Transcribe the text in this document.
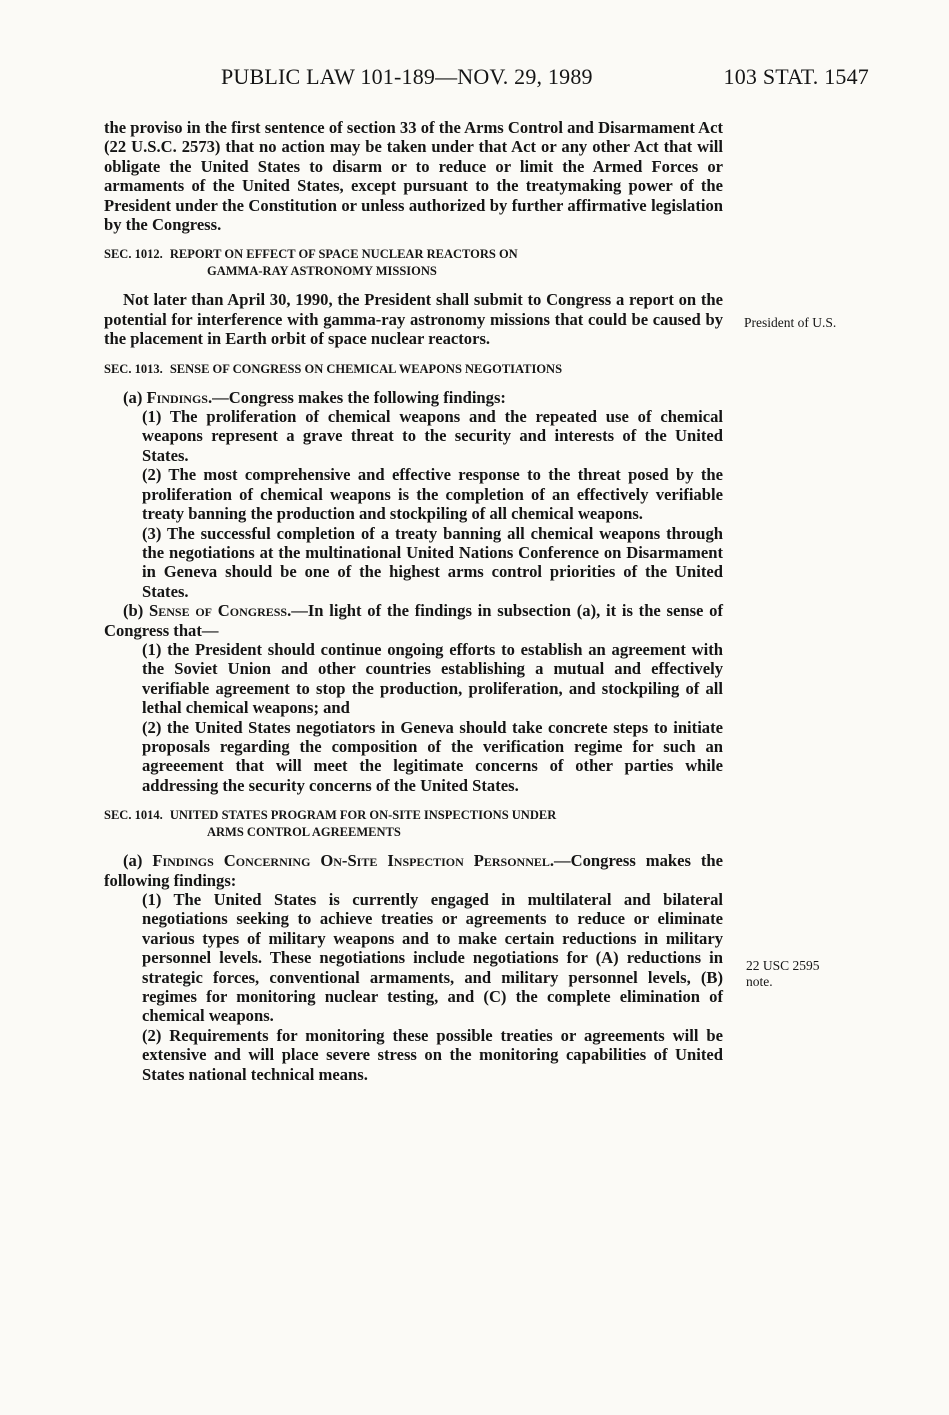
PUBLIC LAW 101-189—NOV. 29, 1989	103 STAT. 1547
President of U.S.
22 USC 2595
note.

the proviso in the first sentence of section 33 of the Arms Control and Disarmament Act (22 U.S.C. 2573) that no action may be taken under that Act or any other Act that will obligate the United States to disarm or to reduce or limit the Armed Forces or armaments of the United States, except pursuant to the treatymaking power of the President under the Constitution or unless authorized by further affirmative legislation by the Congress.

SEC. 1012. REPORT ON EFFECT OF SPACE NUCLEAR REACTORS ON
GAMMA-RAY ASTRONOMY MISSIONS

Not later than April 30, 1990, the President shall submit to Congress a report on the potential for interference with gamma-ray astronomy missions that could be caused by the placement in Earth orbit of space nuclear reactors.

SEC. 1013. SENSE OF CONGRESS ON CHEMICAL WEAPONS NEGOTIATIONS

(a) Findings.—Congress makes the following findings:

(1) The proliferation of chemical weapons and the repeated use of chemical weapons represent a grave threat to the security and interests of the United States.

(2) The most comprehensive and effective response to the threat posed by the proliferation of chemical weapons is the completion of an effectively verifiable treaty banning the production and stockpiling of all chemical weapons.

(3) The successful completion of a treaty banning all chemical weapons through the negotiations at the multinational United Nations Conference on Disarmament in Geneva should be one of the highest arms control priorities of the United States.

(b) Sense of Congress.—In light of the findings in subsection (a), it is the sense of Congress that—

(1) the President should continue ongoing efforts to establish an agreement with the Soviet Union and other countries establishing a mutual and effectively verifiable agreement to stop the production, proliferation, and stockpiling of all lethal chemical weapons; and

(2) the United States negotiators in Geneva should take concrete steps to initiate proposals regarding the composition of the verification regime for such an agreeement that will meet the legitimate concerns of other parties while addressing the security concerns of the United States.

SEC. 1014. UNITED STATES PROGRAM FOR ON-SITE INSPECTIONS UNDER
ARMS CONTROL AGREEMENTS

(a) Findings Concerning On-Site Inspection Personnel.—Congress makes the following findings:

(1) The United States is currently engaged in multilateral and bilateral negotiations seeking to achieve treaties or agreements to reduce or eliminate various types of military weapons and to make certain reductions in military personnel levels. These negotiations include negotiations for (A) reductions in strategic forces, conventional armaments, and military personnel levels, (B) regimes for monitoring nuclear testing, and (C) the complete elimination of chemical weapons.

(2) Requirements for monitoring these possible treaties or agreements will be extensive and will place severe stress on the monitoring capabilities of United States national technical means.
